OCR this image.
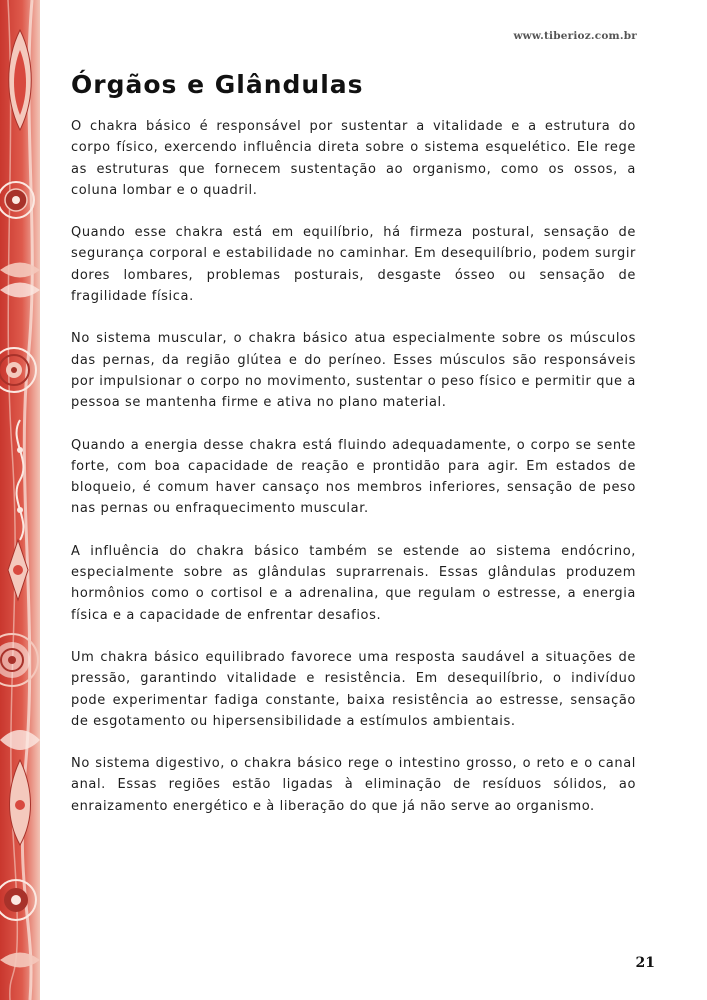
www.tiberioz.com.br
Órgãos e Glândulas

O chakra básico é responsável por sustentar a vitalidade e a estrutura do corpo físico, exercendo influência direta sobre o sistema esquelético. Ele rege as estruturas que fornecem sustentação ao organismo, como os ossos, a coluna lombar e o quadril.

Quando esse chakra está em equilíbrio, há firmeza postural, sensação de segurança corporal e estabilidade no caminhar. Em desequilíbrio, podem surgir dores lombares, problemas posturais, desgaste ósseo ou sensação de fragilidade física.

No sistema muscular, o chakra básico atua especialmente sobre os músculos das pernas, da região glútea e do períneo. Esses músculos são responsáveis por impulsionar o corpo no movimento, sustentar o peso físico e permitir que a pessoa se mantenha firme e ativa no plano material.

Quando a energia desse chakra está fluindo adequadamente, o corpo se sente forte, com boa capacidade de reação e prontidão para agir. Em estados de bloqueio, é comum haver cansaço nos membros inferiores, sensação de peso nas pernas ou enfraquecimento muscular.

A influência do chakra básico também se estende ao sistema endócrino, especialmente sobre as glândulas suprarrenais. Essas glândulas produzem hormônios como o cortisol e a adrenalina, que regulam o estresse, a energia física e a capacidade de enfrentar desafios.

Um chakra básico equilibrado favorece uma resposta saudável a situações de pressão, garantindo vitalidade e resistência. Em desequilíbrio, o indivíduo pode experimentar fadiga constante, baixa resistência ao estresse, sensação de esgotamento ou hipersensibilidade a estímulos ambientais.

No sistema digestivo, o chakra básico rege o intestino grosso, o reto e o canal anal. Essas regiões estão ligadas à eliminação de resíduos sólidos, ao enraizamento energético e à liberação do que já não serve ao organismo.

21
